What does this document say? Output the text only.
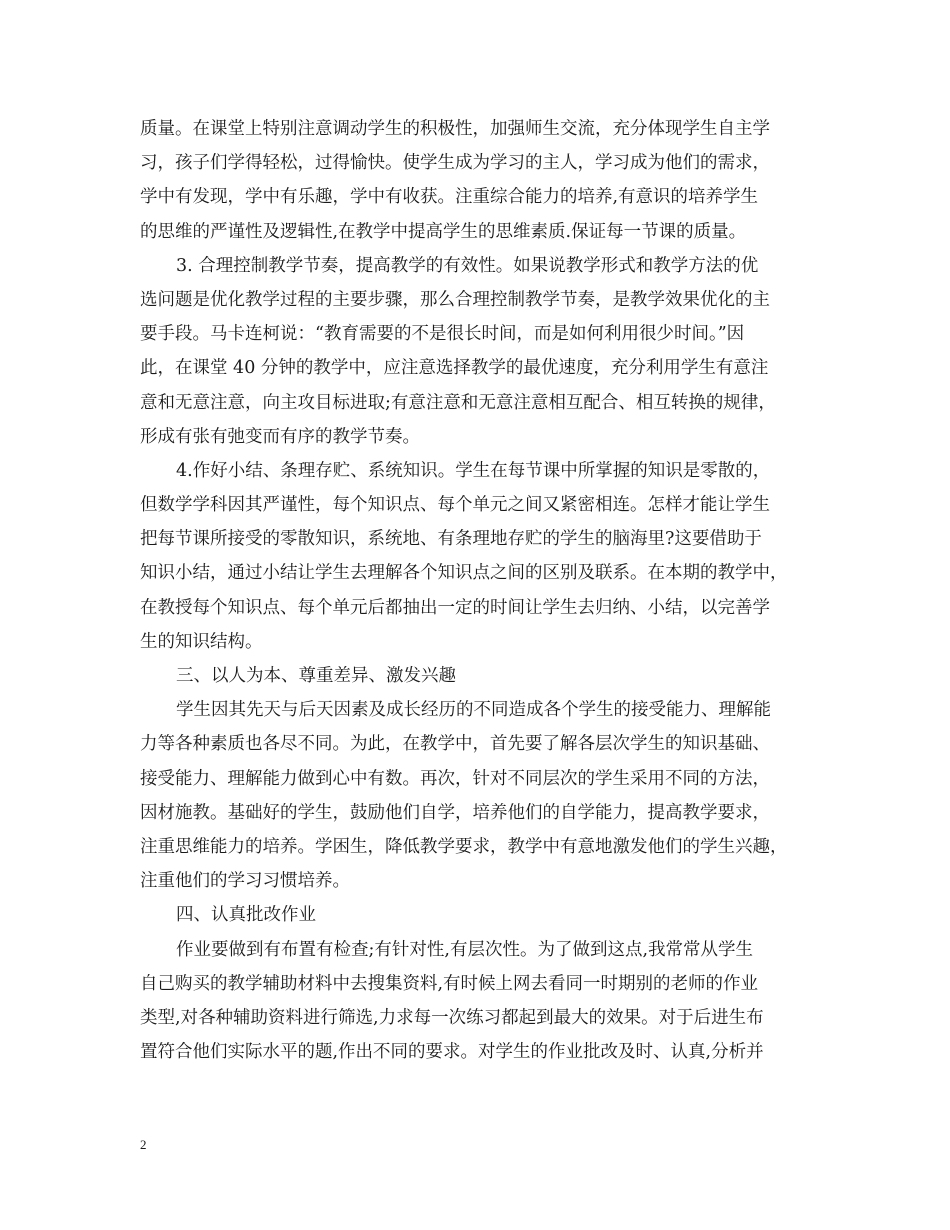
质量。在课堂上特别注意调动学生的积极性，加强师生交流，充分体现学生自主学
习，孩子们学得轻松，过得愉快。使学生成为学习的主人，学习成为他们的需求，
学中有发现，学中有乐趣，学中有收获。注重综合能力的培养,有意识的培养学生
的思维的严谨性及逻辑性,在教学中提高学生的思维素质.保证每一节课的质量。
3. 合理控制教学节奏，提高教学的有效性。如果说教学形式和教学方法的优
选问题是优化教学过程的主要步骤，那么合理控制教学节奏，是教学效果优化的主
要手段。马卡连柯说：“教育需要的不是很长时间，而是如何利用很少时间。”因
此，在课堂 40 分钟的教学中，应注意选择教学的最优速度，充分利用学生有意注
意和无意注意，向主攻目标进取;有意注意和无意注意相互配合、相互转换的规律，
形成有张有弛变而有序的教学节奏。
4.作好小结、条理存贮、系统知识。学生在每节课中所掌握的知识是零散的，
但数学学科因其严谨性，每个知识点、每个单元之间又紧密相连。怎样才能让学生
把每节课所接受的零散知识，系统地、有条理地存贮的学生的脑海里?这要借助于
知识小结，通过小结让学生去理解各个知识点之间的区别及联系。在本期的教学中，
在教授每个知识点、每个单元后都抽出一定的时间让学生去归纳、小结，以完善学
生的知识结构。
三、以人为本、尊重差异、激发兴趣
学生因其先天与后天因素及成长经历的不同造成各个学生的接受能力、理解能
力等各种素质也各尽不同。为此，在教学中，首先要了解各层次学生的知识基础、
接受能力、理解能力做到心中有数。再次，针对不同层次的学生采用不同的方法，
因材施教。基础好的学生，鼓励他们自学，培养他们的自学能力，提高教学要求，
注重思维能力的培养。学困生，降低教学要求，教学中有意地激发他们的学生兴趣，
注重他们的学习习惯培养。
四、认真批改作业
作业要做到有布置有检查;有针对性,有层次性。为了做到这点,我常常从学生
自己购买的教学辅助材料中去搜集资料,有时候上网去看同一时期别的老师的作业
类型,对各种辅助资料进行筛选,力求每一次练习都起到最大的效果。对于后进生布
置符合他们实际水平的题,作出不同的要求。对学生的作业批改及时、认真,分析并
2
